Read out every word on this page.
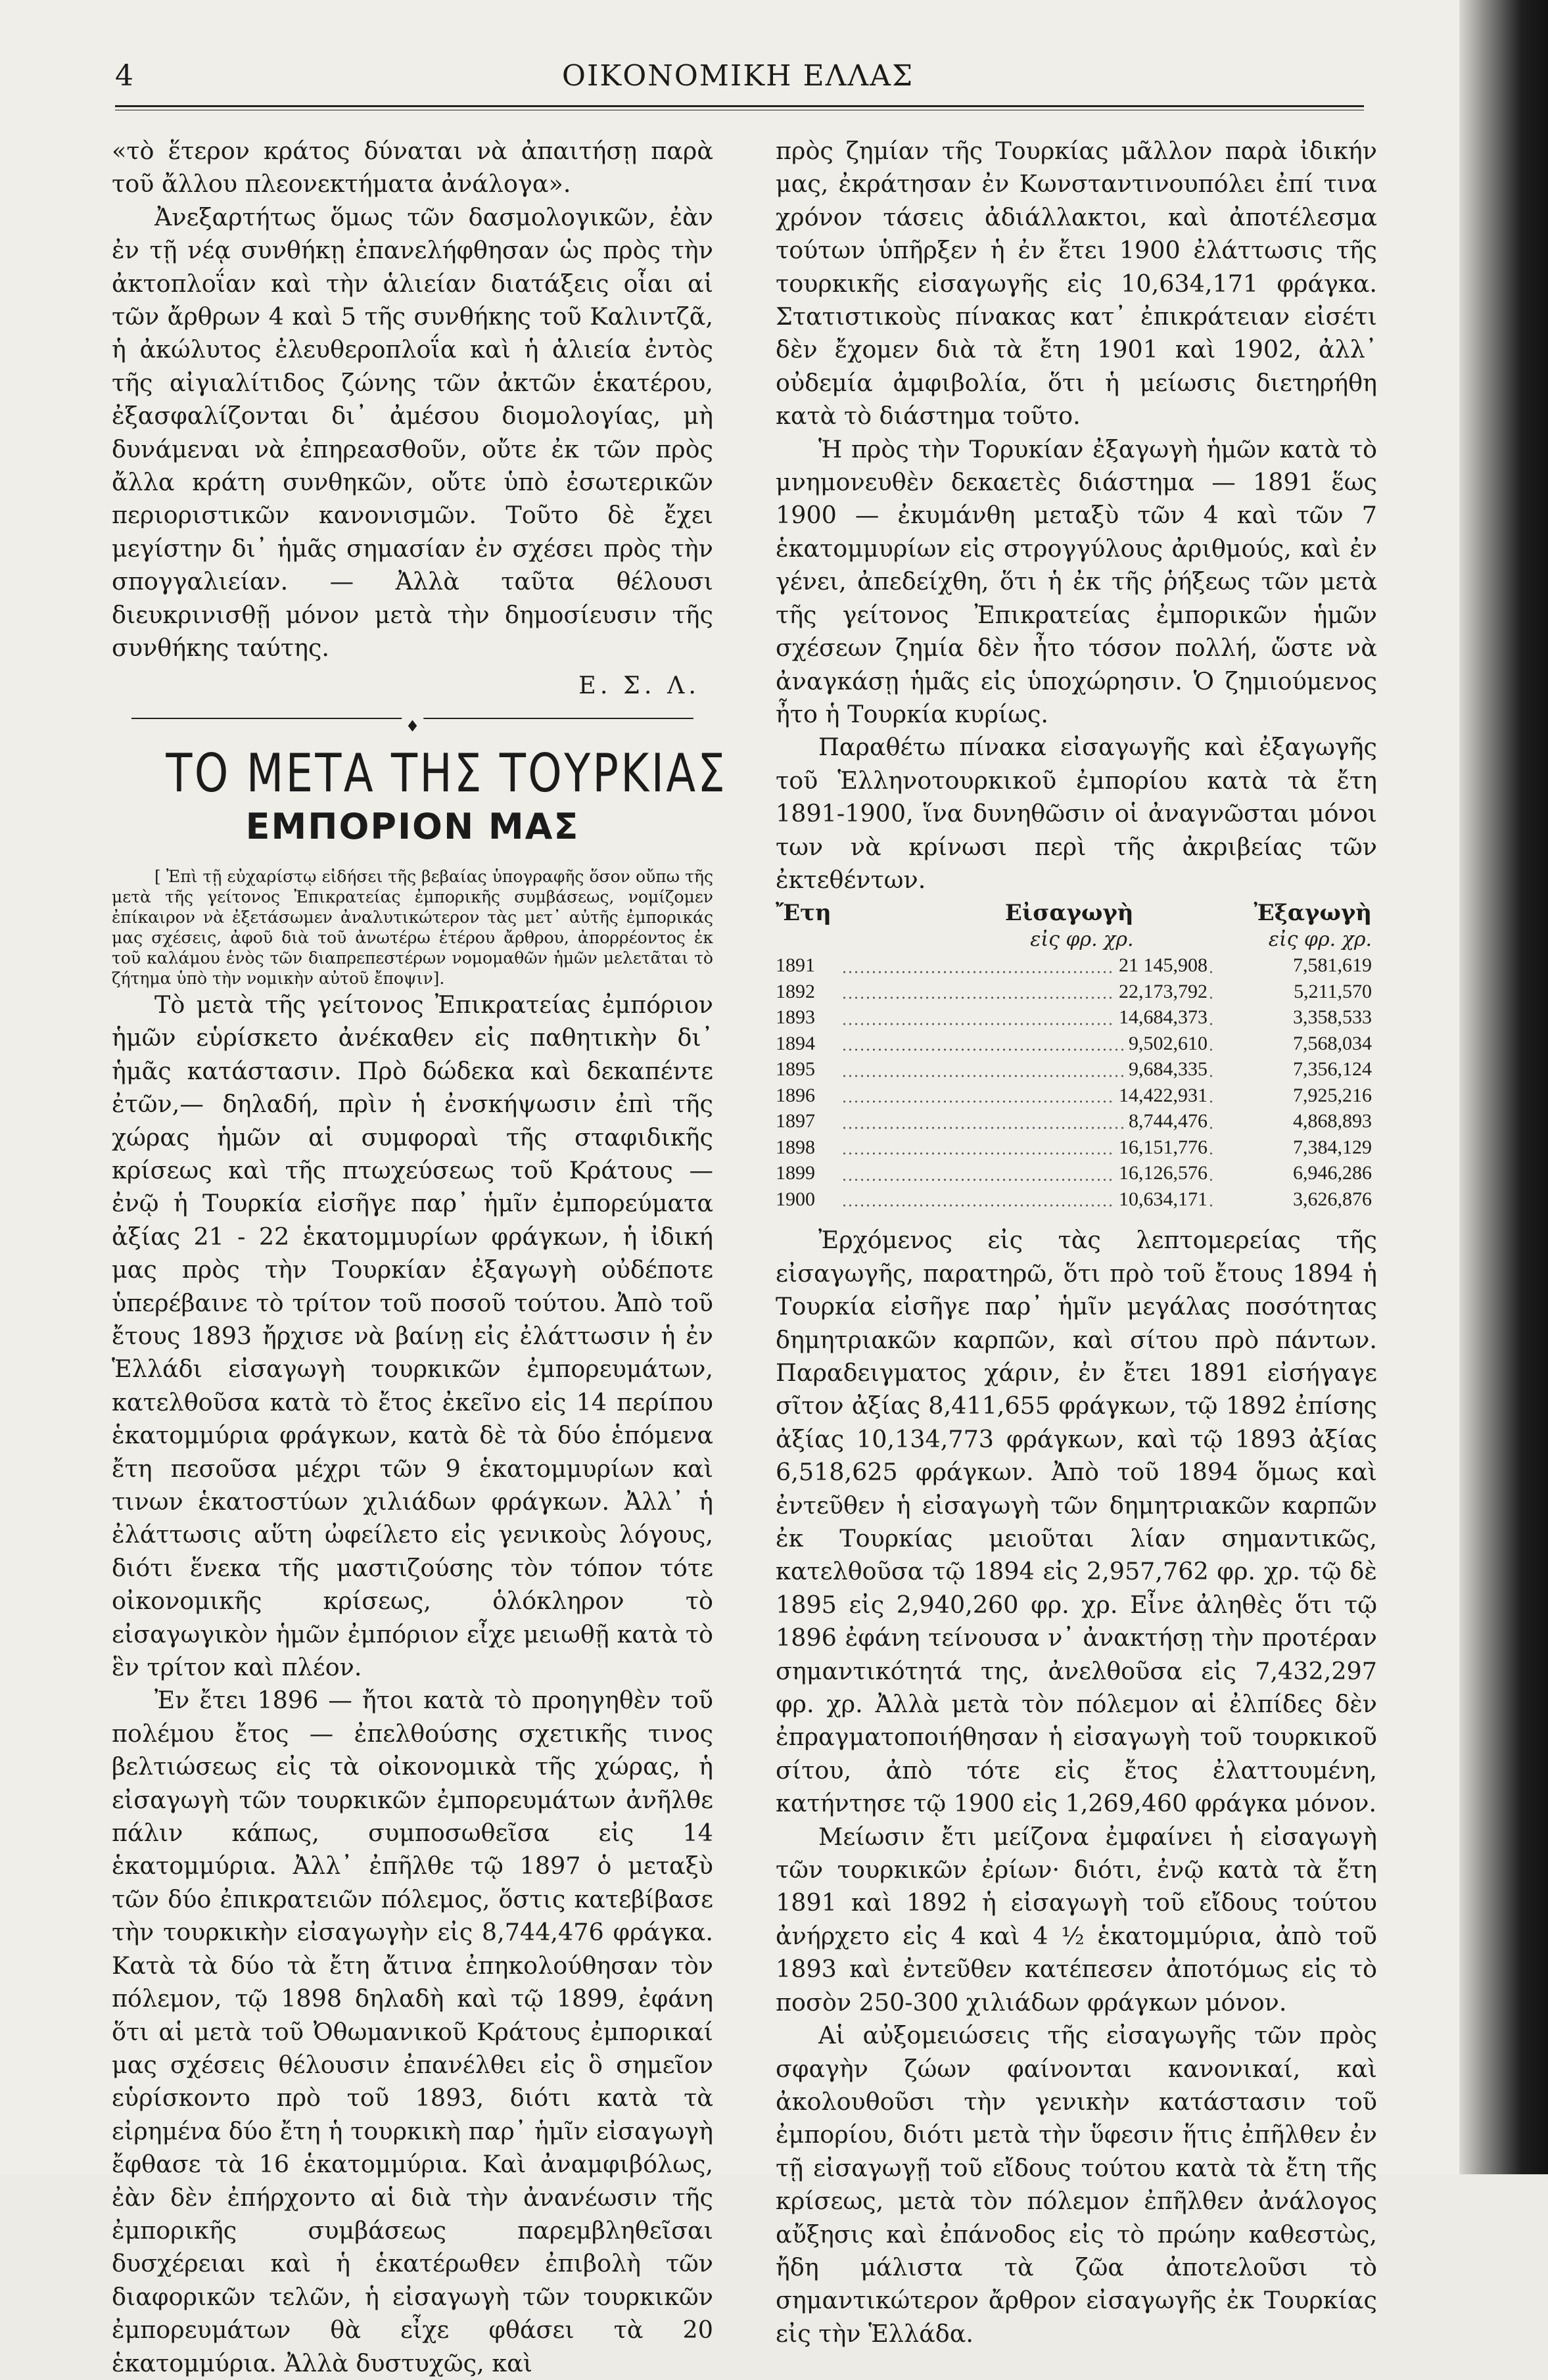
4	ΟΙΚΟΝΟΜΙΚΗ ΕΛΛΑΣ

«τὸ ἕτερον κράτος δύναται νὰ ἀπαιτήσῃ παρὰ τοῦ ἄλλου πλεονεκτήματα ἀνάλογα».

Ἀνεξαρτήτως ὅμως τῶν δασμολογικῶν, ἐὰν ἐν τῇ νέᾳ συνθήκῃ ἐπανελήφθησαν ὡς πρὸς τὴν ἀκτοπλοΐαν καὶ τὴν ἁλιείαν διατάξεις οἷαι αἱ τῶν ἄρθρων 4 καὶ 5 τῆς συνθήκης τοῦ Καλιντζᾶ, ἡ ἀκώλυτος ἐλευθεροπλοΐα καὶ ἡ ἁλιεία ἐντὸς τῆς αἰγιαλίτιδος ζώνης τῶν ἀκτῶν ἑκατέρου, ἐξασφαλίζονται δι᾽ ἀμέσου διομολογίας, μὴ δυνάμεναι νὰ ἐπηρεασθοῦν, οὔτε ἐκ τῶν πρὸς ἄλλα κράτη συνθηκῶν, οὔτε ὑπὸ ἐσωτερικῶν περιοριστικῶν κανονισμῶν. Τοῦτο δὲ ἔχει μεγίστην δι᾽ ἡμᾶς σημασίαν ἐν σχέσει πρὸς τὴν σπογγαλιείαν. — Ἀλλὰ ταῦτα θέλουσι διευκρινισθῇ μόνον μετὰ τὴν δημοσίευσιν τῆς συνθήκης ταύτης.

Ε. Σ. Λ.
♦
ΤΟ ΜΕΤΑ ΤΗΣ ΤΟΥΡΚΙΑΣ
ΕΜΠΟΡΙΟΝ ΜΑΣ

[ Ἐπὶ τῇ εὐχαρίστῳ εἰδήσει τῆς βεβαίας ὑπογραφῆς ὅσον οὔπω τῆς μετὰ τῆς γείτονος Ἐπικρατείας ἐμπορικῆς συμβάσεως, νομίζομεν ἐπίκαιρον νὰ ἐξετάσωμεν ἀναλυτικώτερον τὰς μετ᾽ αὐτῆς ἐμπορικάς μας σχέσεις, ἀφοῦ διὰ τοῦ ἀνωτέρω ἑτέρου ἄρθρου, ἀπορρέοντος ἐκ τοῦ καλάμου ἑνὸς τῶν διαπρεπεστέρων νομομαθῶν ἡμῶν μελετᾶται τὸ ζήτημα ὑπὸ τὴν νομικὴν αὐτοῦ ἔποψιν].

Τὸ μετὰ τῆς γείτονος Ἐπικρατείας ἐμπόριον ἡμῶν εὑρίσκετο ἀνέκαθεν εἰς παθητικὴν δι᾽ ἡμᾶς κατάστασιν. Πρὸ δώδεκα καὶ δεκαπέντε ἐτῶν,— δηλαδή, πρὶν ἡ ἐνσκήψωσιν ἐπὶ τῆς χώρας ἡμῶν αἱ συμφοραὶ τῆς σταφιδικῆς κρίσεως καὶ τῆς πτωχεύσεως τοῦ Κράτους — ἐνῷ ἡ Τουρκία εἰσῆγε παρ᾽ ἡμῖν ἐμπορεύματα ἀξίας 21 - 22 ἑκατομμυρίων φράγκων, ἡ ἰδική μας πρὸς τὴν Τουρκίαν ἐξαγωγὴ οὐδέποτε ὑπερέβαινε τὸ τρίτον τοῦ ποσοῦ τούτου. Ἀπὸ τοῦ ἔτους 1893 ἤρχισε νὰ βαίνῃ εἰς ἐλάττωσιν ἡ ἐν Ἑλλάδι εἰσαγωγὴ τουρκικῶν ἐμπορευμάτων, κατελθοῦσα κατὰ τὸ ἔτος ἐκεῖνο εἰς 14 περίπου ἑκατομμύρια φράγκων, κατὰ δὲ τὰ δύο ἑπόμενα ἔτη πεσοῦσα μέχρι τῶν 9 ἑκατομμυρίων καὶ τινων ἑκατοστύων χιλιάδων φράγκων. Ἀλλ᾽ ἡ ἐλάττωσις αὕτη ὠφείλετο εἰς γενικοὺς λόγους, διότι ἕνεκα τῆς μαστιζούσης τὸν τόπον τότε οἰκονομικῆς κρίσεως, ὁλόκληρον τὸ εἰσαγωγικὸν ἡμῶν ἐμπόριον εἶχε μειωθῇ κατὰ τὸ ἓν τρίτον καὶ πλέον.

Ἐν ἔτει 1896 — ἤτοι κατὰ τὸ προηγηθὲν τοῦ πολέμου ἔτος — ἐπελθούσης σχετικῆς τινος βελτιώσεως εἰς τὰ οἰκονομικὰ τῆς χώρας, ἡ εἰσαγωγὴ τῶν τουρκικῶν ἐμπορευμάτων ἀνῆλθε πάλιν κάπως, συμποσωθεῖσα εἰς 14 ἑκατομμύρια. Ἀλλ᾽ ἐπῆλθε τῷ 1897 ὁ μεταξὺ τῶν δύο ἐπικρατειῶν πόλεμος, ὅστις κατεβίβασε τὴν τουρκικὴν εἰσαγωγὴν εἰς 8,744,476 φράγκα. Κατὰ τὰ δύο τὰ ἔτη ἄτινα ἐπηκολούθησαν τὸν πόλεμον, τῷ 1898 δηλαδὴ καὶ τῷ 1899, ἐφάνη ὅτι αἱ μετὰ τοῦ Ὀθωμανικοῦ Κράτους ἐμπορικαί μας σχέσεις θέλουσιν ἐπανέλθει εἰς ὃ σημεῖον εὑρίσκοντο πρὸ τοῦ 1893, διότι κατὰ τὰ εἰρημένα δύο ἔτη ἡ τουρκικὴ παρ᾽ ἡμῖν εἰσαγωγὴ ἔφθασε τὰ 16 ἑκατομμύρια. Καὶ ἀναμφιβόλως, ἐὰν δὲν ἐπήρχοντο αἱ διὰ τὴν ἀνανέωσιν τῆς ἐμπορικῆς συμβάσεως παρεμβληθεῖσαι δυσχέρειαι καὶ ἡ ἑκατέρωθεν ἐπιβολὴ τῶν διαφορικῶν τελῶν, ἡ εἰσαγωγὴ τῶν τουρκικῶν ἐμπορευμάτων θὰ εἶχε φθάσει τὰ 20 ἑκατομμύρια. Ἀλλὰ δυστυχῶς, καὶ

πρὸς ζημίαν τῆς Τουρκίας μᾶλλον παρὰ ἰδικήν μας, ἐκράτησαν ἐν Κωνσταντινουπόλει ἐπί τινα χρόνον τάσεις ἀδιάλλακτοι, καὶ ἀποτέλεσμα τούτων ὑπῆρξεν ἡ ἐν ἔτει 1900 ἐλάττωσις τῆς τουρκικῆς εἰσαγωγῆς εἰς 10,634,171 φράγκα. Στατιστικοὺς πίνακας κατ᾽ ἐπικράτειαν εἰσέτι δὲν ἔχομεν διὰ τὰ ἔτη 1901 καὶ 1902, ἀλλ᾽ οὐδεμία ἀμφιβολία, ὅτι ἡ μείωσις διετηρήθη κατὰ τὸ διάστημα τοῦτο.

Ἡ πρὸς τὴν Τορυκίαν ἐξαγωγὴ ἡμῶν κατὰ τὸ μνημονευθὲν δεκαετὲς διάστημα — 1891 ἕως 1900 — ἐκυμάνθη μεταξὺ τῶν 4 καὶ τῶν 7 ἑκατομμυρίων εἰς στρογγύλους ἀριθμούς, καὶ ἐν γένει, ἀπεδείχθη, ὅτι ἡ ἐκ τῆς ῥήξεως τῶν μετὰ τῆς γείτονος Ἐπικρατείας ἐμπορικῶν ἡμῶν σχέσεων ζημία δὲν ἦτο τόσον πολλή, ὥστε νὰ ἀναγκάσῃ ἡμᾶς εἰς ὑποχώρησιν. Ὁ ζημιούμενος ἦτο ἡ Τουρκία κυρίως.

Παραθέτω πίνακα εἰσαγωγῆς καὶ ἐξαγωγῆς τοῦ Ἑλληνοτουρκικοῦ ἐμπορίου κατὰ τὰ ἔτη 1891-1900, ἵνα δυνηθῶσιν οἱ ἀναγνῶσται μόνοι των νὰ κρίνωσι περὶ τῆς ἀκριβείας τῶν ἐκτεθέντων.

Ἔτη	Εἰσαγωγὴ	Ἐξαγωγὴ
εἰς φρ. χρ.	εἰς φρ. χρ.
1891	21 145,908	7,581,619
1892	22,173,792	5,211,570
1893	14,684,373	3,358,533
1894	9,502,610	7,568,034
1895	9,684,335	7,356,124
1896	14,422,931	7,925,216
1897	8,744,476	4,868,893
1898	16,151,776	7,384,129
1899	16,126,576	6,946,286
1900	10,634,171	3,626,876

Ἐρχόμενος εἰς τὰς λεπτομερείας τῆς εἰσαγωγῆς, παρατηρῶ, ὅτι πρὸ τοῦ ἔτους 1894 ἡ Τουρκία εἰσῆγε παρ᾽ ἡμῖν μεγάλας ποσότητας δημητριακῶν καρπῶν, καὶ σίτου πρὸ πάντων. Παραδειγματος χάριν, ἐν ἔτει 1891 εἰσήγαγε σῖτον ἀξίας 8,411,655 φράγκων, τῷ 1892 ἐπίσης ἀξίας 10,134,773 φράγκων, καὶ τῷ 1893 ἀξίας 6,518,625 φράγκων. Ἀπὸ τοῦ 1894 ὅμως καὶ ἐντεῦθεν ἡ εἰσαγωγὴ τῶν δημητριακῶν καρπῶν ἐκ Τουρκίας μειοῦται λίαν σημαντικῶς, κατελθοῦσα τῷ 1894 εἰς 2,957,762 φρ. χρ. τῷ δὲ 1895 εἰς 2,940,260 φρ. χρ. Εἶνε ἀληθὲς ὅτι τῷ 1896 ἐφάνη τείνουσα ν᾽ ἀνακτήσῃ τὴν προτέραν σημαντικότητά της, ἀνελθοῦσα εἰς 7,432,297 φρ. χρ. Ἀλλὰ μετὰ τὸν πόλεμον αἱ ἐλπίδες δὲν ἐπραγματοποιήθησαν ἡ εἰσαγωγὴ τοῦ τουρκικοῦ σίτου, ἀπὸ τότε εἰς ἔτος ἐλαττουμένη, κατήντησε τῷ 1900 εἰς 1,269,460 φράγκα μόνον.

Μείωσιν ἔτι μείζονα ἐμφαίνει ἡ εἰσαγωγὴ τῶν τουρκικῶν ἐρίων· διότι, ἐνῷ κατὰ τὰ ἔτη 1891 καὶ 1892 ἡ εἰσαγωγὴ τοῦ εἴδους τούτου ἀνήρχετο εἰς 4 καὶ 4 ½ ἑκατομμύρια, ἀπὸ τοῦ 1893 καὶ ἐντεῦθεν κατέπεσεν ἀποτόμως εἰς τὸ ποσὸν 250-300 χιλιάδων φράγκων μόνον.

Αἱ αὐξομειώσεις τῆς εἰσαγωγῆς τῶν πρὸς σφαγὴν ζώων φαίνονται κανονικαί, καὶ ἀκολουθοῦσι τὴν γενικὴν κατάστασιν τοῦ ἐμπορίου, διότι μετὰ τὴν ὕφεσιν ἥτις ἐπῆλθεν ἐν τῇ εἰσαγωγῇ τοῦ εἴδους τούτου κατὰ τὰ ἔτη τῆς κρίσεως, μετὰ τὸν πόλεμον ἐπῆλθεν ἀνάλογος αὔξησις καὶ ἐπάνοδος εἰς τὸ πρώην καθεστὼς, ἤδη μάλιστα τὰ ζῶα ἀποτελοῦσι τὸ σημαντικώτερον ἄρθρον εἰσαγωγῆς ἐκ Τουρκίας εἰς τὴν Ἑλλάδα.
